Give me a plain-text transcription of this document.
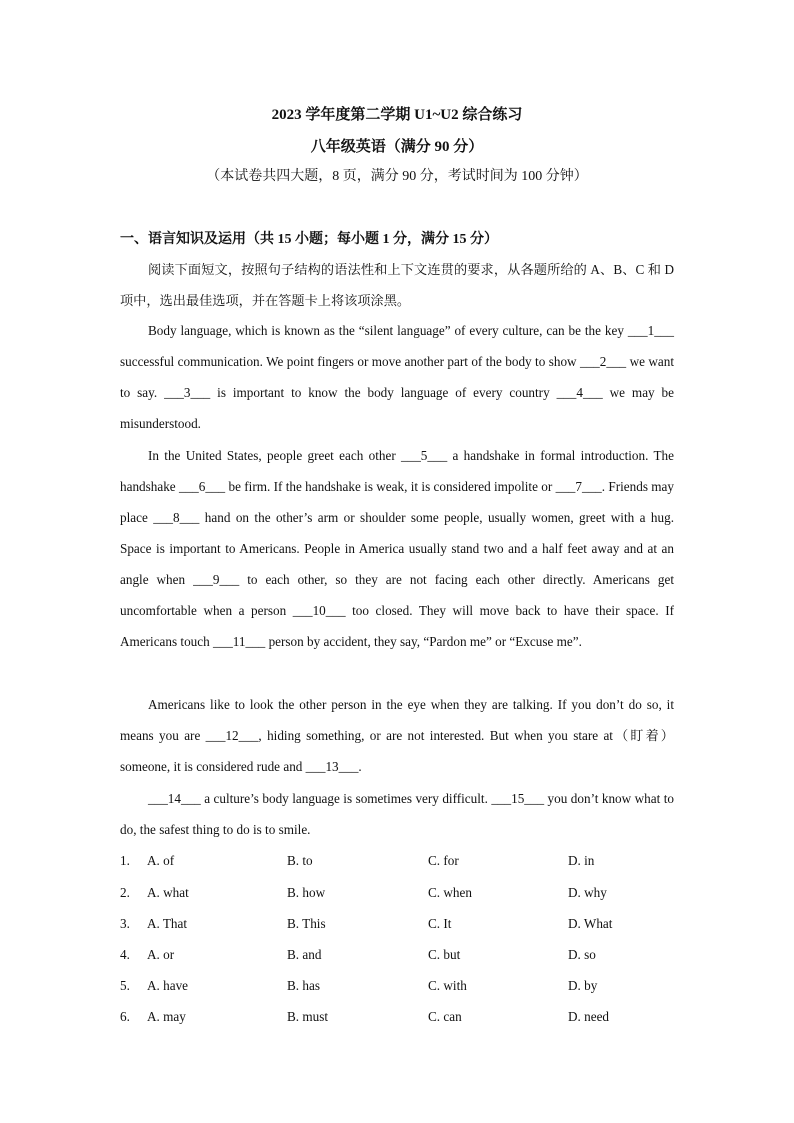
2023 学年度第二学期 U1~U2 综合练习
八年级英语（满分 90 分）
（本试卷共四大题，8 页，满分 90 分，考试时间为 100 分钟）
一、语言知识及运用（共 15 小题；每小题 1 分，满分 15 分）

阅读下面短文，按照句子结构的语法性和上下文连贯的要求，从各题所给的 A、B、C 和 D 项中，选出最佳选项，并在答题卡上将该项涂黑。

Body language, which is known as the “silent language” of every culture, can be the key ___1___ successful communication. We point fingers or move another part of the body to show ___2___ we want to say. ___3___ is important to know the body language of every country ___4___ we may be misunderstood.

In the United States, people greet each other ___5___ a handshake in formal introduction. The handshake ___6___ be firm. If the handshake is weak, it is considered impolite or ___7___. Friends may place ___8___ hand on the other’s arm or shoulder some people, usually women, greet with a hug. Space is important to Americans. People in America usually stand two and a half feet away and at an angle when ___9___ to each other, so they are not facing each other directly. Americans get uncomfortable when a person ___10___ too closed. They will move back to have their space. If Americans touch ___11___ person by accident, they say, “Pardon me” or “Excuse me”.

Americans like to look the other person in the eye when they are talking. If you don’t do so, it means you are ___12___, hiding something, or are not interested. But when you stare at（盯着）someone, it is considered rude and ___13___.

___14___ a culture’s body language is sometimes very difficult. ___15___ you don’t know what to do, the safest thing to do is to smile.

1. A. of	B. to	C. for	D. in
2. A. what	B. how	C. when	D. why
3. A. That	B. This	C. It	D. What
4. A. or	B. and	C. but	D. so
5. A. have	B. has	C. with	D. by
6. A. may	B. must	C. can	D. need
